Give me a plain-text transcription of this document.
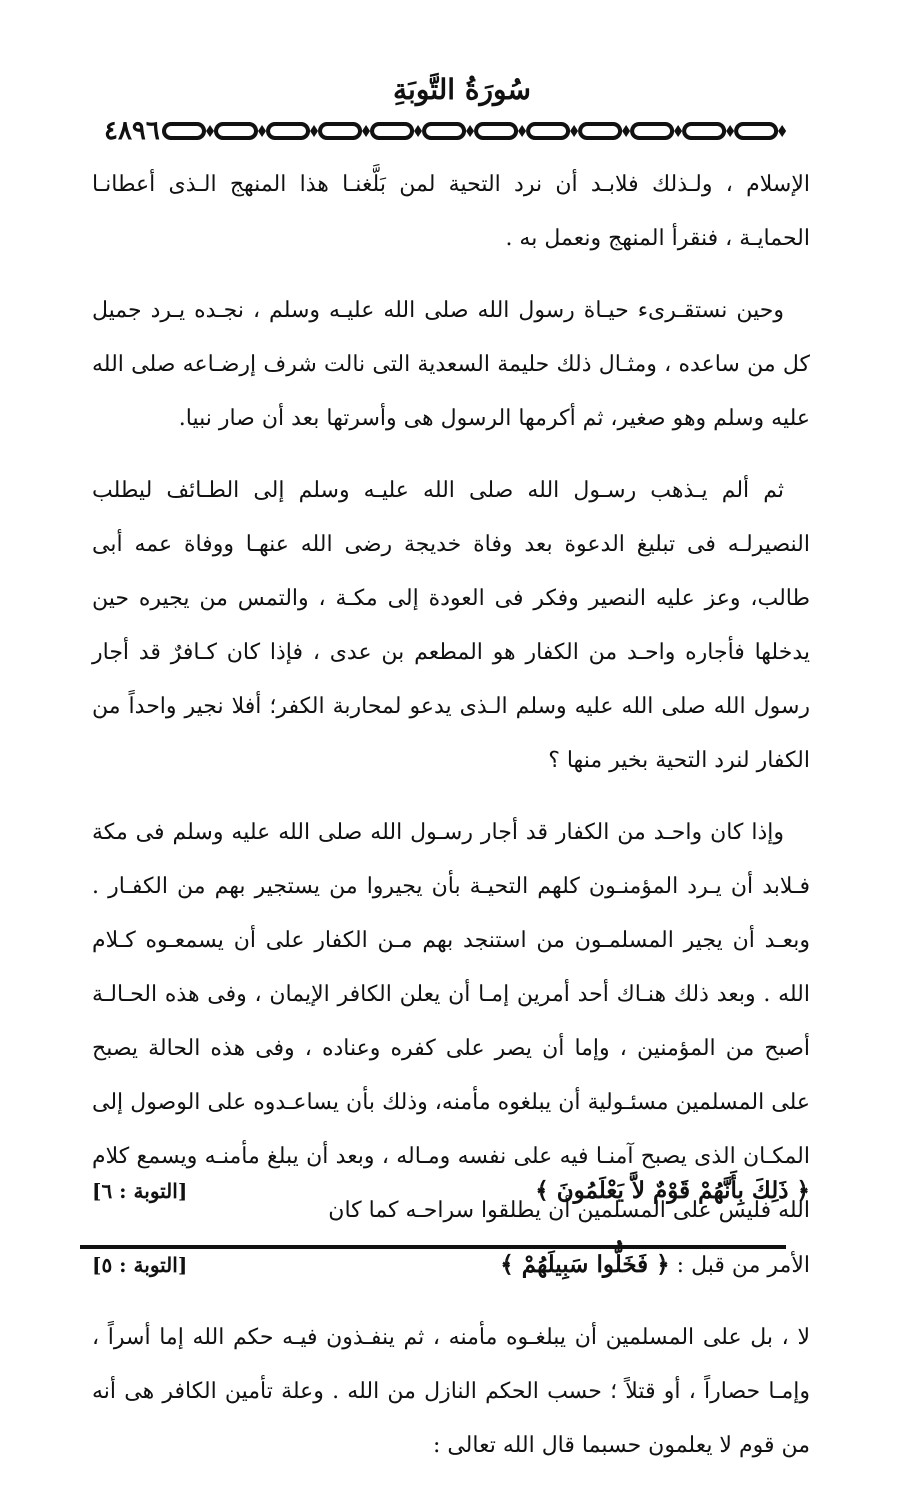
سُورَةُ التَّوبَةِ
٤٨٩٦

الإسلام ، ولـذلك فلابـد أن نرد التحية لمن بَلَّغنـا هذا المنهج الـذى أعطانـا الحمايـة ، فنقرأ المنهج ونعمل به .

وحين نستقـرىء حيـاة رسول الله صلى الله عليـه وسلم ، نجـده يـرد جميل كل من ساعده ، ومثـال ذلك حليمة السعدية التى نالت شرف إرضـاعه صلى الله عليه وسلم وهو صغير، ثم أكرمها الرسول هى وأسرتها بعد أن صار نبيا.

ثم ألم يـذهب رسـول الله صلى الله عليـه وسلم إلى الطـائف ليطلب النصيرلـه فى تبليغ الدعوة بعد وفاة خديجة رضى الله عنهـا ووفاة عمه أبى طالب، وعز عليه النصير وفكر فى العودة إلى مكـة ، والتمس من يجيره حين يدخلها فأجاره واحـد من الكفار هو المطعم بن عدى ، فإذا كان كـافرٌ قد أجار رسول الله صلى الله عليه وسلم الـذى يدعو لمحاربة الكفر؛ أفلا نجير واحداً من الكفار لنرد التحية بخير منها ؟

وإذا كان واحـد من الكفار قد أجار رسـول الله صلى الله عليه وسلم فى مكة فـلابد أن يـرد المؤمنـون كلهم التحيـة بأن يجيروا من يستجير بهم من الكفـار . وبعـد أن يجير المسلمـون من استنجد بهم مـن الكفار على أن يسمعـوه كـلام الله . وبعد ذلك هنـاك أحد أمرين إمـا أن يعلن الكافر الإيمان ، وفى هذه الحـالـة أصبح من المؤمنين ، وإما أن يصر على كفره وعناده ، وفى هذه الحالة يصبح على المسلمين مسئـولية أن يبلغوه مأمنه، وذلك بأن يساعـدوه على الوصول إلى المكـان الذى يصبح آمنـا فيه على نفسه ومـاله ، وبعد أن يبلغ مأمنـه ويسمع كلام الله فليس على المسلمين أن يطلقوا سراحـه كما كان
الأمر من قبل : ﴿ فَخَلُّوا سَبِيلَهُمْ ﴾
[التوبة : ٥]

لا ، بل على المسلمين أن يبلغـوه مأمنه ، ثم ينفـذون فيـه حكم الله إما أسراً ، وإمـا حصاراً ، أو قتلاً ؛ حسب الحكم النازل من الله . وعلة تأمين الكافر هى أنه من قوم لا يعلمون حسبما قال الله تعالى :

﴿ ذَلِكَ بِأَنَّهُمْ قَوْمٌ لاَّ يَعْلَمُونَ ﴾
[التوبة : ٦]
